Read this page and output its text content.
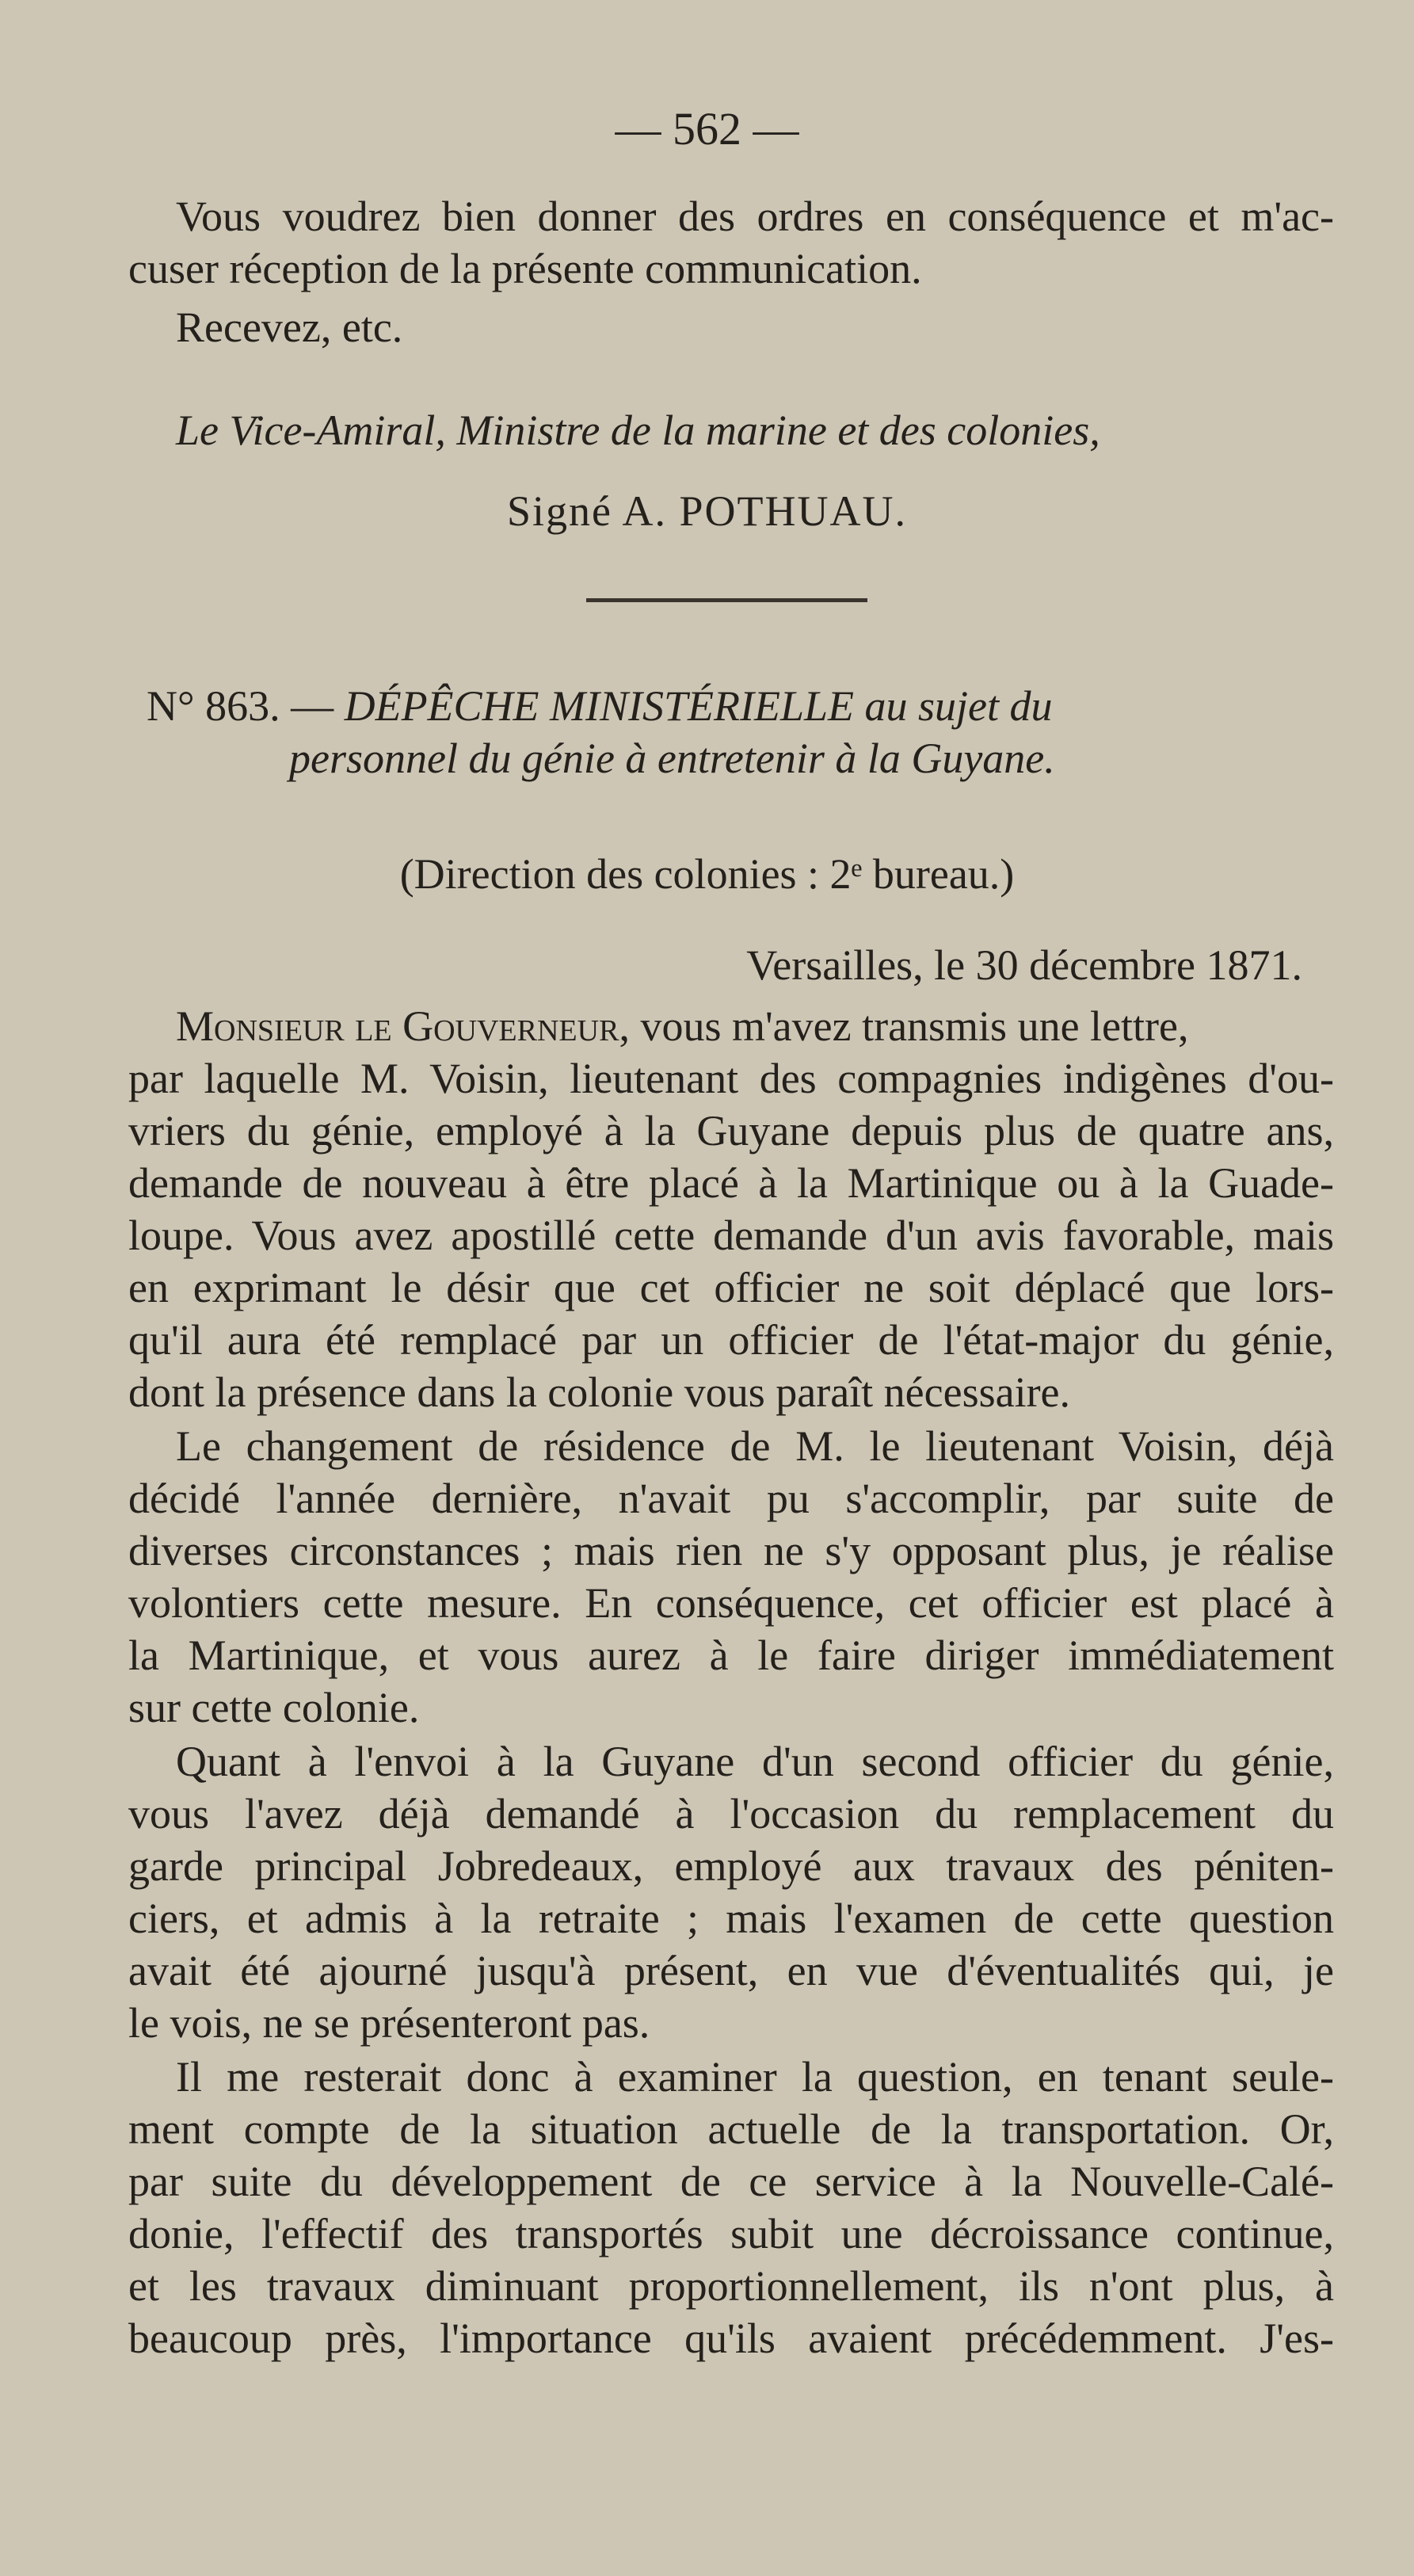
— 562 —

Vous voudrez bien donner des ordres en conséquence et m'ac-

cuser réception de la présente communication.

Recevez, etc.

Le Vice-Amiral, Ministre de la marine et des colonies,

Signé A. POTHUAU.

N° 863. — DÉPÊCHE MINISTÉRIELLE au sujet du

personnel du génie à entretenir à la Guyane.

(Direction des colonies : 2ᵉ bureau.)

Versailles, le 30 décembre 1871.

Monsieur le Gouverneur, vous m'avez transmis une lettre,

par laquelle M. Voisin, lieutenant des compagnies indigènes d'ou-

vriers du génie, employé à la Guyane depuis plus de quatre ans,

demande de nouveau à être placé à la Martinique ou à la Guade-

loupe. Vous avez apostillé cette demande d'un avis favorable, mais

en exprimant le désir que cet officier ne soit déplacé que lors-

qu'il aura été remplacé par un officier de l'état-major du génie,

dont la présence dans la colonie vous paraît nécessaire.

Le changement de résidence de M. le lieutenant Voisin, déjà

décidé l'année dernière, n'avait pu s'accomplir, par suite de

diverses circonstances ; mais rien ne s'y opposant plus, je réalise

volontiers cette mesure. En conséquence, cet officier est placé à

la Martinique, et vous aurez à le faire diriger immédiatement

sur cette colonie.

Quant à l'envoi à la Guyane d'un second officier du génie,

vous l'avez déjà demandé à l'occasion du remplacement du

garde principal Jobredeaux, employé aux travaux des péniten-

ciers, et admis à la retraite ; mais l'examen de cette question

avait été ajourné jusqu'à présent, en vue d'éventualités qui, je

le vois, ne se présenteront pas.

Il me resterait donc à examiner la question, en tenant seule-

ment compte de la situation actuelle de la transportation. Or,

par suite du développement de ce service à la Nouvelle-Calé-

donie, l'effectif des transportés subit une décroissance continue,

et les travaux diminuant proportionnellement, ils n'ont plus, à

beaucoup près, l'importance qu'ils avaient précédemment. J'es-
